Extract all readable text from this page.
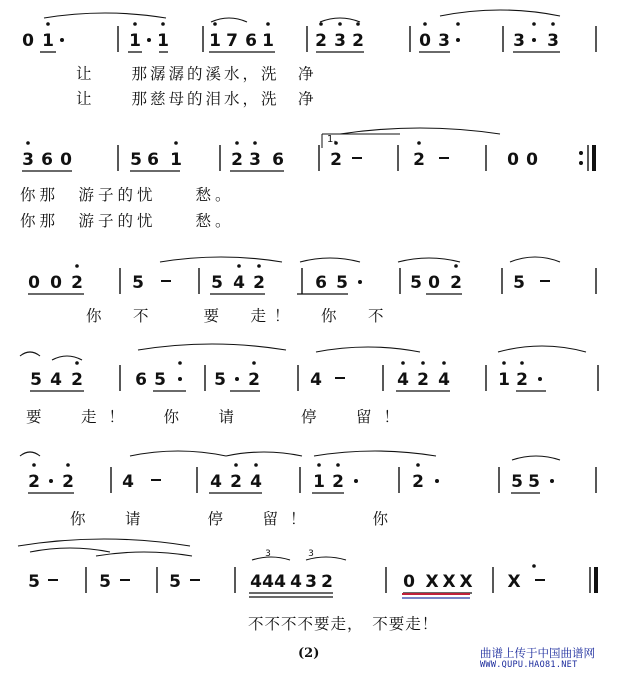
0 1	1 1 1 7 6 1 2 3 2	0 3	3 3
3 6 0	5 6 1	2 3 6	2	2	0 0
0 0 2	5	5 4 2	6 5	5 0 2	5
5 4 2	6 5	5 2	4	4 2 4	1 2
2 2	4	4 2 4	1 2	2	5 5
5	5	5	4 4 4 4 3 2	0 X X X X
1.
3	3
让　　那潺潺的溪水，洗　净
让　　那慈母的泪水，洗　净
你那　游子的忧　　愁。
你那　游子的忧　　愁。
你　不　　要　走！　你　不
要　走！　你　请　　停　留！
你　请　　停　留！　　你
不不不不要走，　不要走！
(2)	曲谱上传于中国曲谱网
WWW.QUPU.HAO81.NET
